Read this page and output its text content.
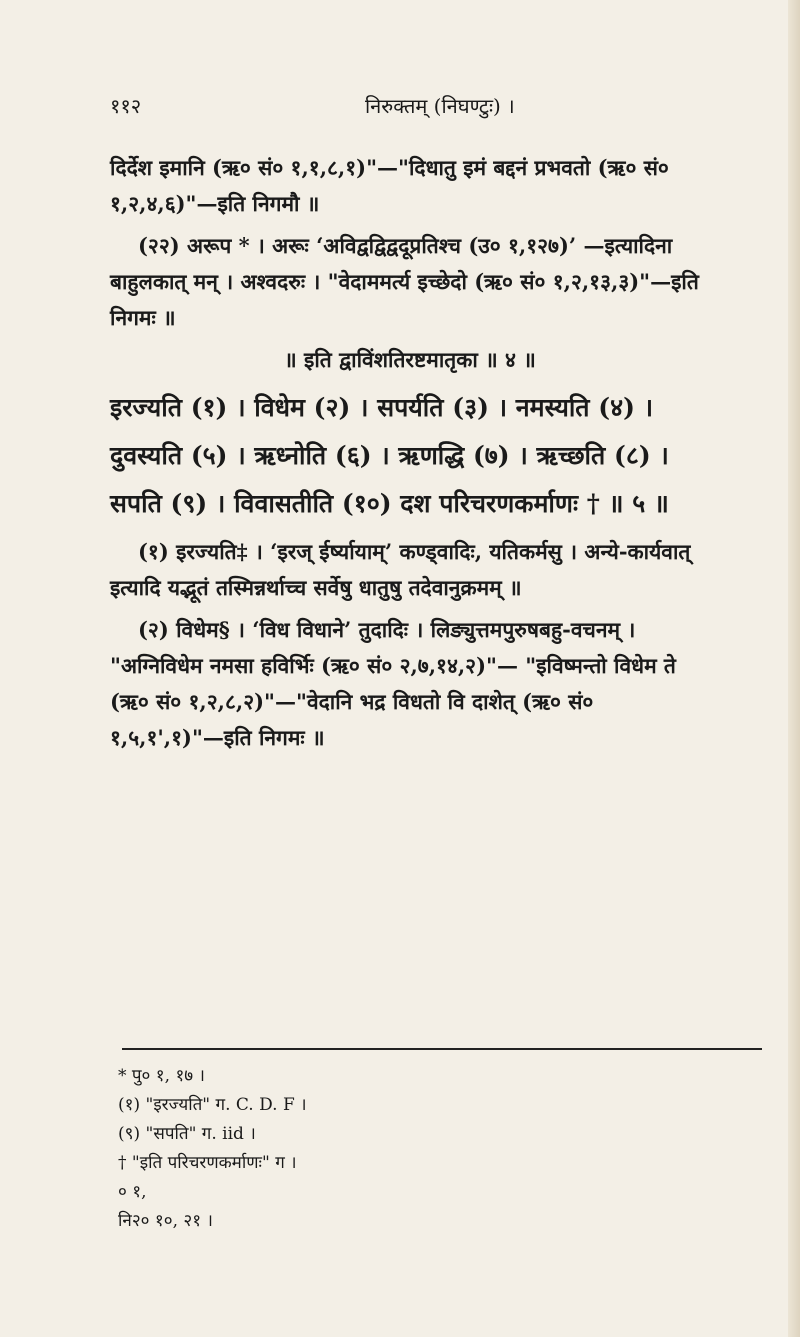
११२	निरुक्तम् (निघण्टुः) ।

दिर्देश इमानि (ऋ० सं० १,१,८,१)"—"दिधातु इमं बद्दनं प्रभवतो (ऋ० सं० १,२,४,६)"—इति निगमौ ॥

(२२) अरूप * । अरूः ‘अविद्वद्विद्वदूप्रतिश्च (उ० १,१२७)’ —इत्यादिना बाहुलकात् मन् । अश्वदरुः । "वेदाममर्त्य इच्छेदो (ऋ० सं० १,२,१३,३)"—इति निगमः ॥

॥ इति द्वाविंशतिरष्टमातृका ॥ ४ ॥

इरज्यति (१) । विधेम (२) । सपर्यति (३) । नमस्यति (४) । दुवस्यति (५) । ऋध्नोति (६) । ऋणद्धि (७) । ऋच्छति (८) । सपति (९) । विवासतीति (१०) दश परिचरणकर्माणः † ॥ ५ ॥

(१) इरज्यति‡ । ‘इरज् ईर्ष्यायाम्’ कण्ड्वादिः, यतिकर्मसु । अन्ये-कार्यवात् इत्यादि यद्भूतं तस्मिन्नर्थाच्च सर्वेषु धातुषु तदेवानुक्रमम् ॥

(२) विधेम§ । ‘विध विधाने’ तुदादिः । लिङ्युत्तमपुरुषबहु-वचनम् । "अग्निविधेम नमसा हविर्भिः (ऋ० सं० २,७,१४,२)"— "इविष्मन्तो विधेम ते (ऋ० सं० १,२,८,२)"—"वेदानि भद्र विधतो वि दाशेत् (ऋ० सं० १,५,१',१)"—इति निगमः ॥

* पु० १, १७ ।
(१) "इरज्यति" ग. C. D. F ।
(९) "सपति" ग. iid ।
† "इति परिचरणकर्माणः" ग ।
० १,
नि२० १०, २१ ।
